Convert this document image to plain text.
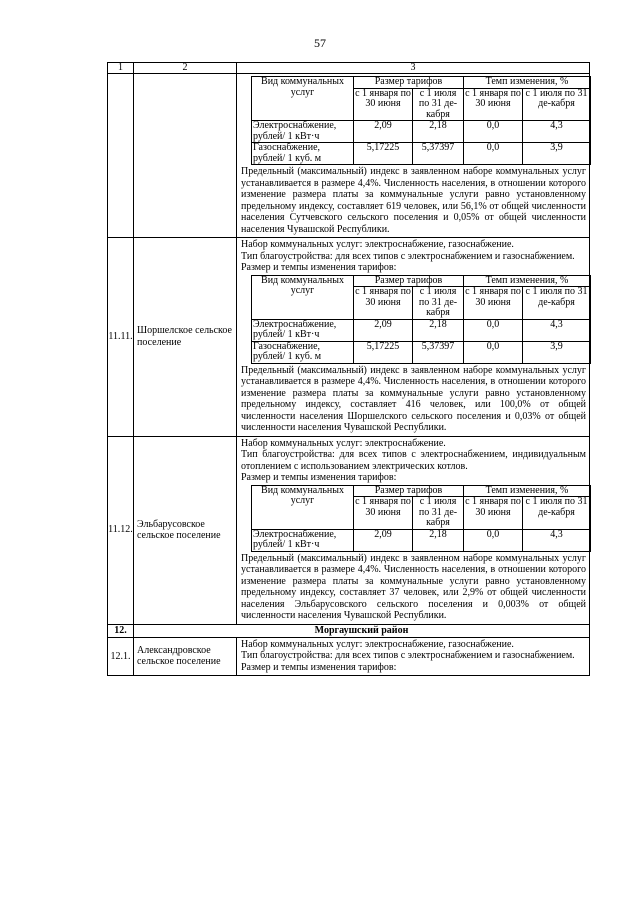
57
1	2	3

Вид коммунальных услуг	Размер тарифов	Темп изменения, %
с 1 января по 30 июня	с 1 июля по 31 де-кабря	с 1 января по 30 июня	с 1 июля по 31 де-кабря
Электроснабжение, рублей/ 1 кВт·ч	2,09	2,18	0,0	4,3
Газоснабжение, рублей/ 1 куб. м	5,17225	5,37397	0,0	3,9
Предельный (максимальный) индекс в заявленном наборе коммунальных услуг устанавливается в размере 4,4%. Численность населения, в отношении которого изменение размера платы за коммунальные услуги равно установленному предельному индексу, составляет 619 человек, или 56,1% от общей численности населения Сутчевского сельского поселения и 0,05% от общей численности населения Чувашской Республики.

11.11.	Шоршелское сельское поселение	
Набор коммунальных услуг: электроснабжение, газоснабжение.
Тип благоустройства: для всех типов с электроснабжением и газоснабжением.
Размер и темпы изменения тарифов:
Вид коммунальных услуг	Размер тарифов	Темп изменения, %
с 1 января по 30 июня	с 1 июля по 31 де-кабря	с 1 января по 30 июня	с 1 июля по 31 де-кабря
Электроснабжение, рублей/ 1 кВт·ч	2,09	2,18	0,0	4,3
Газоснабжение, рублей/ 1 куб. м	5,17225	5,37397	0,0	3,9
Предельный (максимальный) индекс в заявленном наборе коммунальных услуг устанавливается в размере 4,4%. Численность населения, в отношении которого изменение размера платы за коммунальные услуги равно установленному предельному индексу, составляет 416 человек, или 100,0% от общей численности населения Шоршелского сельского поселения и 0,03% от общей численности населения Чувашской Республики.

11.12.	Эльбарусовское сельское поселение	
Набор коммунальных услуг: электроснабжение.
Тип благоустройства: для всех типов с электроснабжением, индивидуальным отоплением с использованием электрических котлов.
Размер и темпы изменения тарифов:
Вид коммунальных услуг	Размер тарифов	Темп изменения, %
с 1 января по 30 июня	с 1 июля по 31 де-кабря	с 1 января по 30 июня	с 1 июля по 31 де-кабря
Электроснабжение, рублей/ 1 кВт·ч	2,09	2,18	0,0	4,3
Предельный (максимальный) индекс в заявленном наборе коммунальных услуг устанавливается в размере 4,4%. Численность населения, в отношении которого изменение размера платы за коммунальные услуги равно установленному предельному индексу, составляет 37 человек, или 2,9% от общей численности населения Эльбарусовского сельского поселения и 0,003% от общей численности населения Чувашской Республики.

12.	Моргаушский район
12.1.	Александровское сельское поселение	
Набор коммунальных услуг: электроснабжение, газоснабжение.
Тип благоустройства: для всех типов с электроснабжением и газоснабжением.
Размер и темпы изменения тарифов:
